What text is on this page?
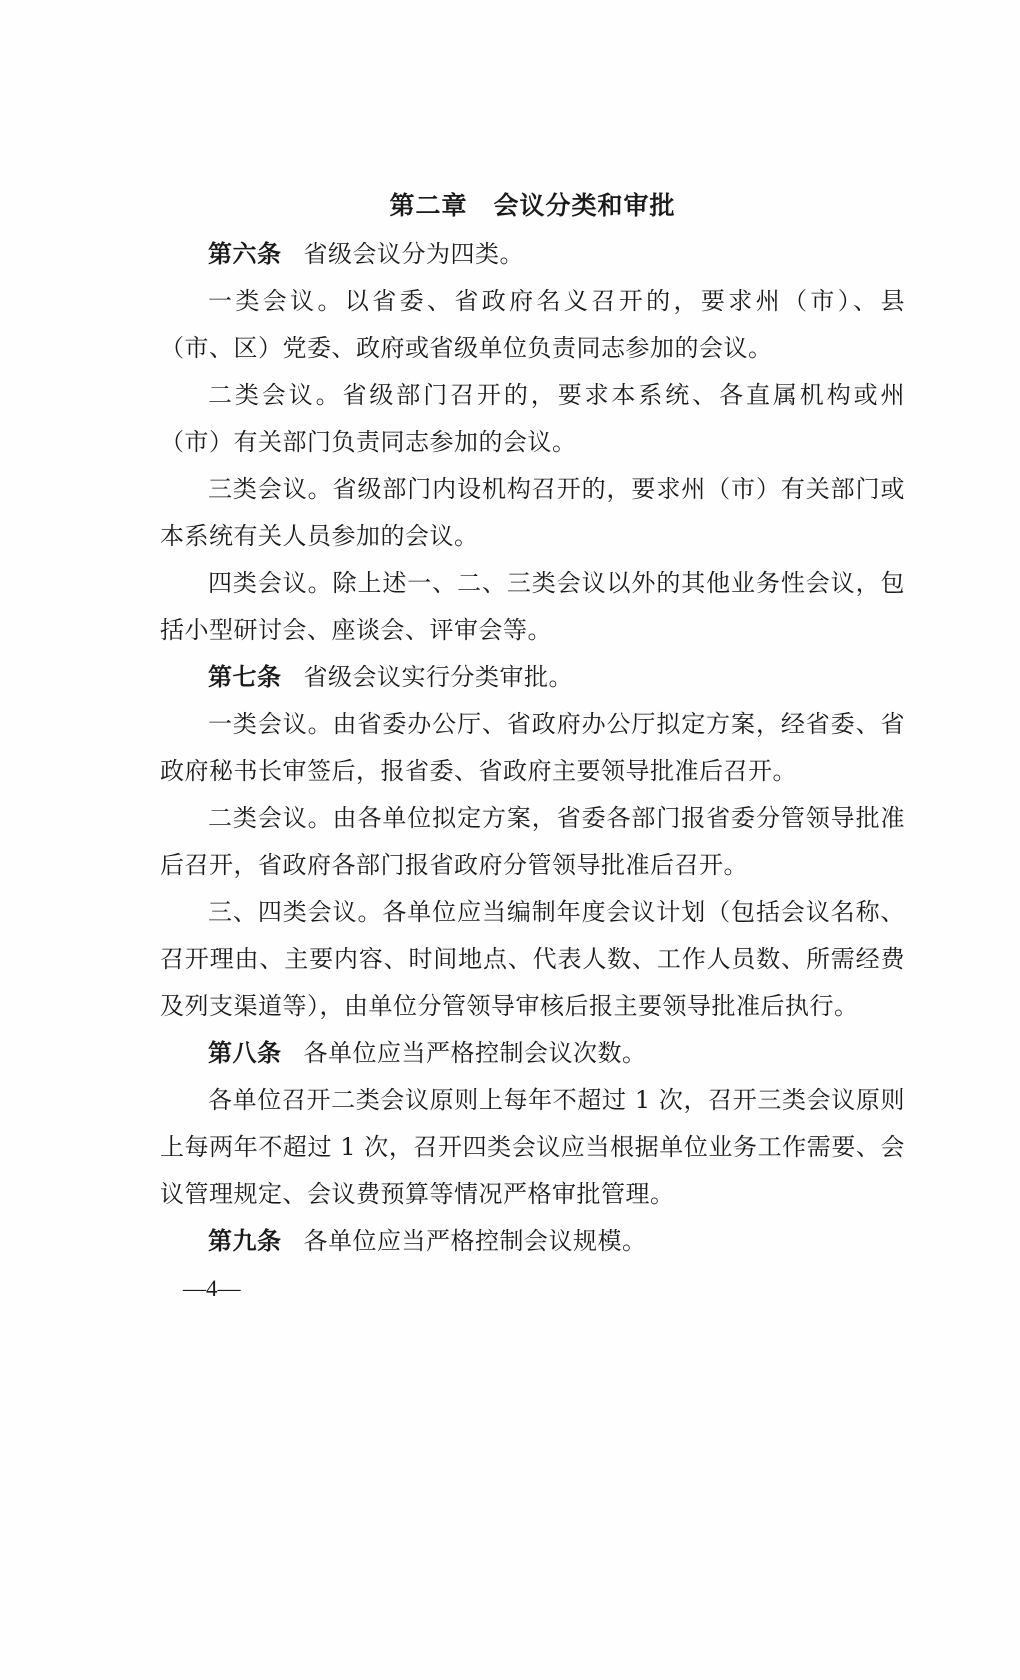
第二章　会议分类和审批

第六条 省级会议分为四类。

一类会议。以省委、省政府名义召开的，要求州（市）、县（市、区）党委、政府或省级单位负责同志参加的会议。

二类会议。省级部门召开的，要求本系统、各直属机构或州（市）有关部门负责同志参加的会议。

三类会议。省级部门内设机构召开的，要求州（市）有关部门或本系统有关人员参加的会议。

四类会议。除上述一、二、三类会议以外的其他业务性会议，包括小型研讨会、座谈会、评审会等。

第七条 省级会议实行分类审批。

一类会议。由省委办公厅、省政府办公厅拟定方案，经省委、省政府秘书长审签后，报省委、省政府主要领导批准后召开。

二类会议。由各单位拟定方案，省委各部门报省委分管领导批准后召开，省政府各部门报省政府分管领导批准后召开。

三、四类会议。各单位应当编制年度会议计划（包括会议名称、召开理由、主要内容、时间地点、代表人数、工作人员数、所需经费及列支渠道等），由单位分管领导审核后报主要领导批准后执行。

第八条 各单位应当严格控制会议次数。

各单位召开二类会议原则上每年不超过 1 次，召开三类会议原则上每两年不超过 1 次，召开四类会议应当根据单位业务工作需要、会议管理规定、会议费预算等情况严格审批管理。

第九条 各单位应当严格控制会议规模。

—4—
